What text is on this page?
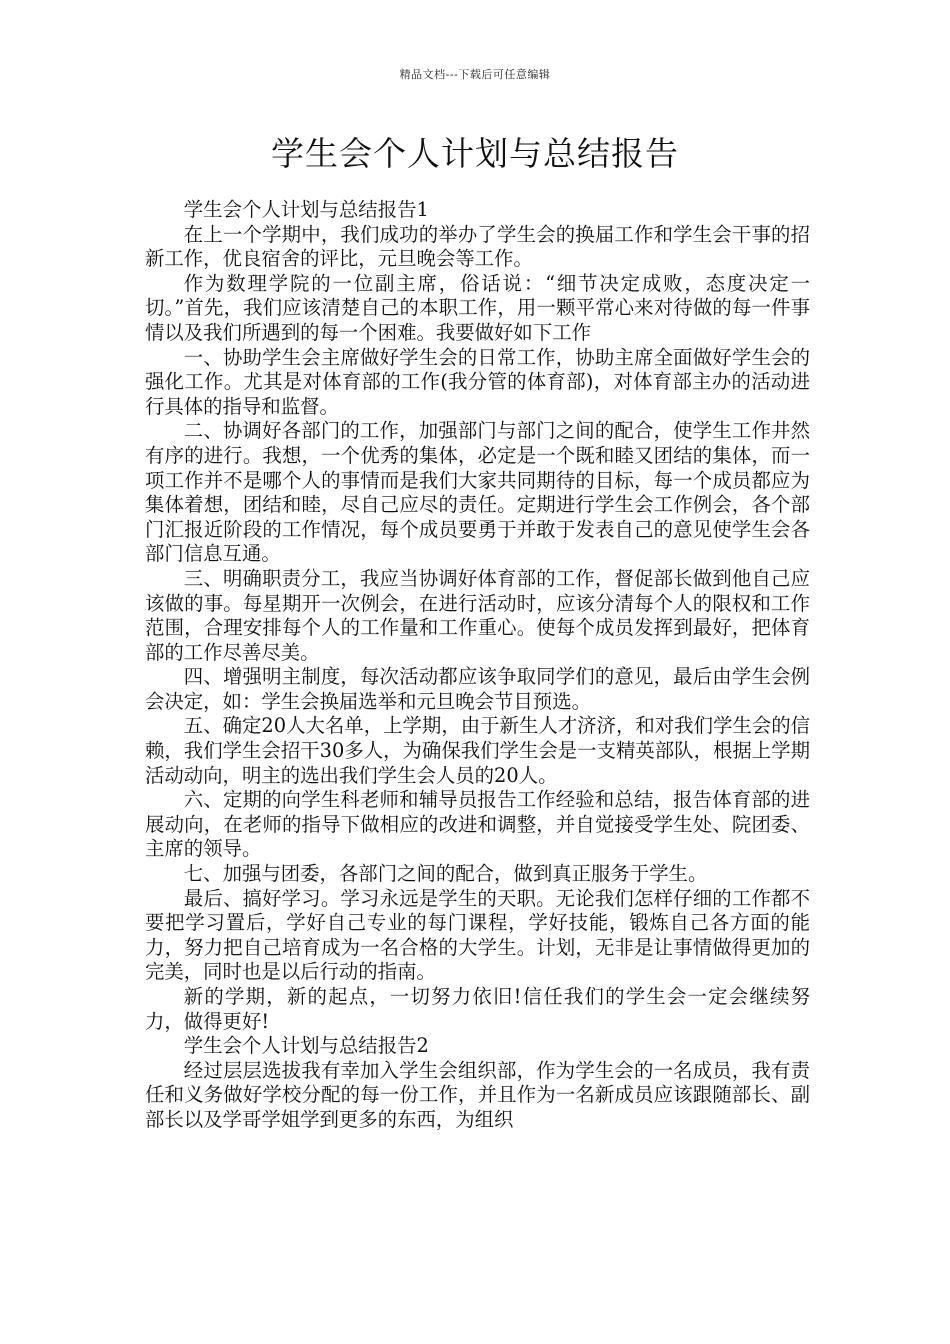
精品文档---下载后可任意编辑
学生会个人计划与总结报告

学生会个人计划与总结报告1

在上一个学期中，我们成功的举办了学生会的换届工作和学生会干事的招新工作，优良宿舍的评比，元旦晚会等工作。

作为数理学院的一位副主席，俗话说：“细节决定成败，态度决定一切。”首先，我们应该清楚自己的本职工作，用一颗平常心来对待做的每一件事情以及我们所遇到的每一个困难。我要做好如下工作

一、协助学生会主席做好学生会的日常工作，协助主席全面做好学生会的强化工作。尤其是对体育部的工作(我分管的体育部)，对体育部主办的活动进行具体的指导和监督。

二、协调好各部门的工作，加强部门与部门之间的配合，使学生工作井然有序的进行。我想，一个优秀的集体，必定是一个既和睦又团结的集体，而一项工作并不是哪个人的事情而是我们大家共同期待的目标，每一个成员都应为集体着想，团结和睦，尽自己应尽的责任。定期进行学生会工作例会，各个部门汇报近阶段的工作情况，每个成员要勇于并敢于发表自己的意见使学生会各部门信息互通。

三、明确职责分工，我应当协调好体育部的工作，督促部长做到他自己应该做的事。每星期开一次例会，在进行活动时，应该分清每个人的限权和工作范围，合理安排每个人的工作量和工作重心。使每个成员发挥到最好，把体育部的工作尽善尽美。

四、增强明主制度，每次活动都应该争取同学们的意见，最后由学生会例会决定，如：学生会换届选举和元旦晚会节目预选。

五、确定20人大名单，上学期，由于新生人才济济，和对我们学生会的信赖，我们学生会招干30多人，为确保我们学生会是一支精英部队，根据上学期活动动向，明主的选出我们学生会人员的20人。

六、定期的向学生科老师和辅导员报告工作经验和总结，报告体育部的进展动向，在老师的指导下做相应的改进和调整，并自觉接受学生处、院团委、主席的领导。

七、加强与团委，各部门之间的配合，做到真正服务于学生。

最后、搞好学习。学习永远是学生的天职。无论我们怎样仔细的工作都不要把学习置后，学好自己专业的每门课程，学好技能，锻炼自己各方面的能力，努力把自己培育成为一名合格的大学生。计划，无非是让事情做得更加的完美，同时也是以后行动的指南。

新的学期，新的起点，一切努力依旧!信任我们的学生会一定会继续努力，做得更好!

学生会个人计划与总结报告2

经过层层选拔我有幸加入学生会组织部，作为学生会的一名成员，我有责任和义务做好学校分配的每一份工作，并且作为一名新成员应该跟随部长、副部长以及学哥学姐学到更多的东西，为组织
